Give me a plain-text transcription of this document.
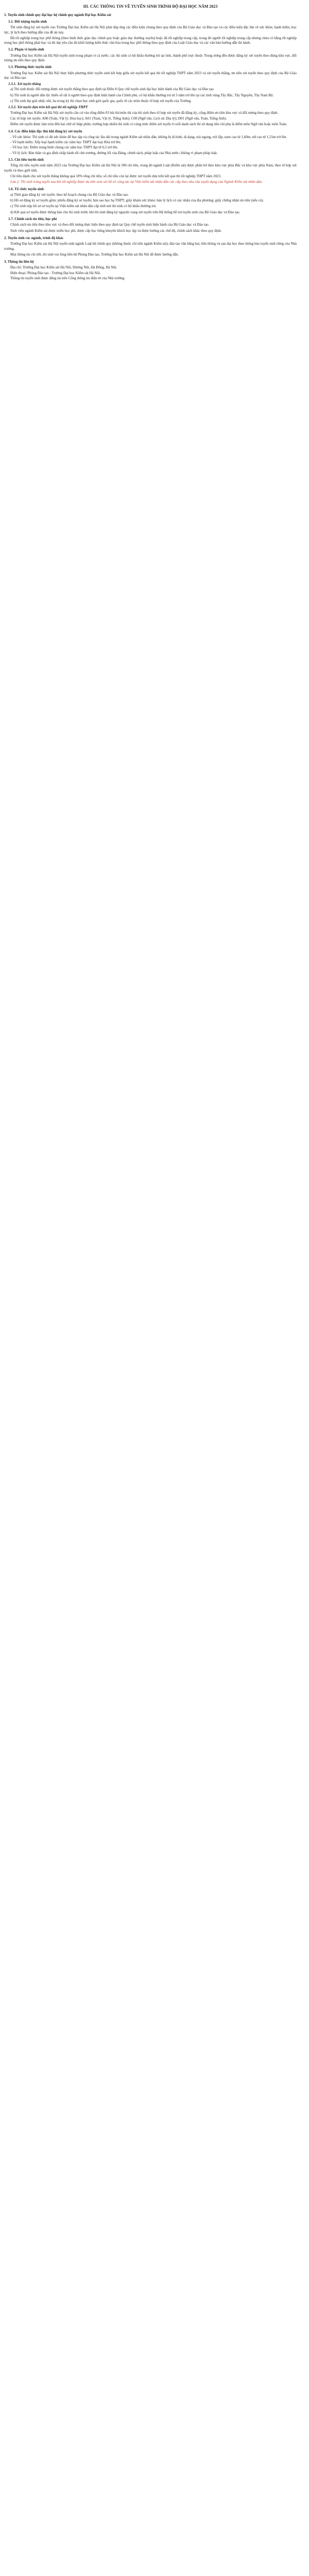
III. CÁC THÔNG TIN VỀ TUYỂN SINH TRÌNH ĐỘ ĐẠI HỌC NĂM 2023
1. Tuyển sinh chính quy đại học hệ chính quy ngành Đại học Kiểm sát
1.1. Đối tượng tuyển sinh

Thí sinh đăng ký xét tuyển vào Trường Đại học Kiểm sát Hà Nội phải đáp ứng các điều kiện chung theo quy định của Bộ Giáo dục và Đào tạo và các điều kiện đặc thù về sức khỏe, hạnh kiểm, học lực, lý lịch theo hướng dẫn của đề án này.

Đã tốt nghiệp trung học phổ thông (theo hình thức giáo dục chính quy hoặc giáo dục thường xuyên) hoặc đã tốt nghiệp trung cấp, trong đó người tốt nghiệp trung cấp nhưng chưa có bằng tốt nghiệp trung học phổ thông phải học và thi đạt yêu cầu đủ khối lượng kiến thức văn hóa trung học phổ thông theo quy định của Luật Giáo dục và các văn bản hướng dẫn thi hành.

1.2. Phạm vi tuyển sinh

Trường Đại học Kiểm sát Hà Nội tuyển sinh trong phạm vi cả nước; các thí sinh có hộ khẩu thường trú tại tỉnh, thành phố trực thuộc Trung ương đều được đăng ký xét tuyển theo đúng khu vực, đối tượng ưu tiên theo quy định.

1.3. Phương thức tuyển sinh

Trường Đại học Kiểm sát Hà Nội thực hiện phương thức tuyển sinh kết hợp giữa xét tuyển kết quả thi tốt nghiệp THPT năm 2023 và xét tuyển thẳng, ưu tiên xét tuyển theo quy định của Bộ Giáo dục và Đào tạo.

1.3.1. Xét tuyển thẳng

a) Thí sinh thuộc đối tượng được xét tuyển thẳng theo quy định tại Điều 8 Quy chế tuyển sinh đại học hiện hành của Bộ Giáo dục và Đào tạo.

b) Thí sinh là người dân tộc thiểu số rất ít người theo quy định hiện hành của Chính phủ, có hộ khẩu thường trú từ 3 năm trở lên tại các tỉnh vùng Tây Bắc, Tây Nguyên, Tây Nam Bộ.

c) Thí sinh đạt giải nhất, nhì, ba trong kỳ thi chọn học sinh giỏi quốc gia, quốc tế các môn thuộc tổ hợp xét tuyển của Trường.

1.3.2. Xét tuyển dựa trên kết quả thi tốt nghiệp THPT

Trường Đại học Kiểm sát Hà Nội xét tuyển căn cứ vào tổng điểm 03 bài thi/môn thi của thí sinh theo tổ hợp xét tuyển đã đăng ký, cộng điểm ưu tiên khu vực và đối tượng theo quy định.

Các tổ hợp xét tuyển: A00 (Toán, Vật lý, Hóa học); A01 (Toán, Vật lý, Tiếng Anh); C00 (Ngữ văn, Lịch sử, Địa lý); D01 (Ngữ văn, Toán, Tiếng Anh).

Điểm xét tuyển được làm tròn đến hai chữ số thập phân; trường hợp nhiều thí sinh có cùng mức điểm xét tuyển ở cuối danh sách thì sử dụng tiêu chí phụ là điểm môn Ngữ văn hoặc môn Toán.

1.4. Các điều kiện đặc thù khi đăng ký xét tuyển

- Về sức khỏe: Thí sinh có đủ sức khỏe để học tập và công tác lâu dài trong ngành Kiểm sát nhân dân; không bị dị hình, dị dạng, nói ngọng, nói lắp; nam cao từ 1,60m, nữ cao từ 1,55m trở lên.

- Về hạnh kiểm: Xếp loại hạnh kiểm các năm học THPT đạt loại Khá trở lên.

- Về học lực: Điểm trung bình chung các năm học THPT đạt từ 6,5 trở lên.

- Về lý lịch: Bản thân và gia đình chấp hành tốt chủ trương, đường lối của Đảng, chính sách, pháp luật của Nhà nước; không vi phạm pháp luật.

1.5. Chỉ tiêu tuyển sinh

Tổng chỉ tiêu tuyển sinh năm 2023 của Trường Đại học Kiểm sát Hà Nội là 500 chỉ tiêu, trong đó ngành Luật (Kiểm sát) được phân bổ theo khu vực phía Bắc và khu vực phía Nam, theo tổ hợp xét tuyển và theo giới tính.

Chỉ tiêu dành cho xét tuyển thẳng không quá 10% tổng chỉ tiêu; số chỉ tiêu còn lại được xét tuyển dựa trên kết quả thi tốt nghiệp THPT năm 2023.

Lưu ý: Thí sinh trúng tuyển sau khi tốt nghiệp được ưu tiên xem xét bố trí công tác tại Viện kiểm sát nhân dân các cấp theo nhu cầu tuyển dụng của Ngành Kiểm sát nhân dân.

1.6. Tổ chức tuyển sinh

a) Thời gian đăng ký xét tuyển: theo kế hoạch chung của Bộ Giáo dục và Đào tạo.

b) Hồ sơ đăng ký sơ tuyển gồm: phiếu đăng ký sơ tuyển; bản sao học bạ THPT; giấy khám sức khỏe; bản lý lịch có xác nhận của địa phương; giấy chứng nhận ưu tiên (nếu có).

c) Thí sinh nộp hồ sơ sơ tuyển tại Viện kiểm sát nhân dân cấp tỉnh nơi thí sinh có hộ khẩu thường trú.

d) Kết quả sơ tuyển được thông báo cho thí sinh trước khi thí sinh đăng ký nguyện vọng xét tuyển trên Hệ thống hỗ trợ tuyển sinh của Bộ Giáo dục và Đào tạo.

1.7. Chính sách ưu tiên, học phí

Chính sách ưu tiên theo khu vực và theo đối tượng thực hiện theo quy định tại Quy chế tuyển sinh hiện hành của Bộ Giáo dục và Đào tạo.

Sinh viên ngành Kiểm sát được miễn học phí, được cấp học bổng khuyến khích học tập và được hưởng các chế độ, chính sách khác theo quy định.

2. Tuyển sinh các ngành, trình độ khác

Trường Đại học Kiểm sát Hà Nội tuyển sinh ngành Luật hệ chính quy (không thuộc chỉ tiêu ngành Kiểm sát), đào tạo văn bằng hai, liên thông và sau đại học theo thông báo tuyển sinh riêng của Nhà trường.

Mọi thông tin chi tiết, thí sinh vui lòng liên hệ Phòng Đào tạo, Trường Đại học Kiểm sát Hà Nội để được hướng dẫn.

3. Thông tin liên hệ

Địa chỉ: Trường Đại học Kiểm sát Hà Nội, Dương Nội, Hà Đông, Hà Nội.

Điện thoại: Phòng Đào tạo - Trường Đại học Kiểm sát Hà Nội.

Thông tin tuyển sinh được đăng tải trên Cổng thông tin điện tử của Nhà trường.
